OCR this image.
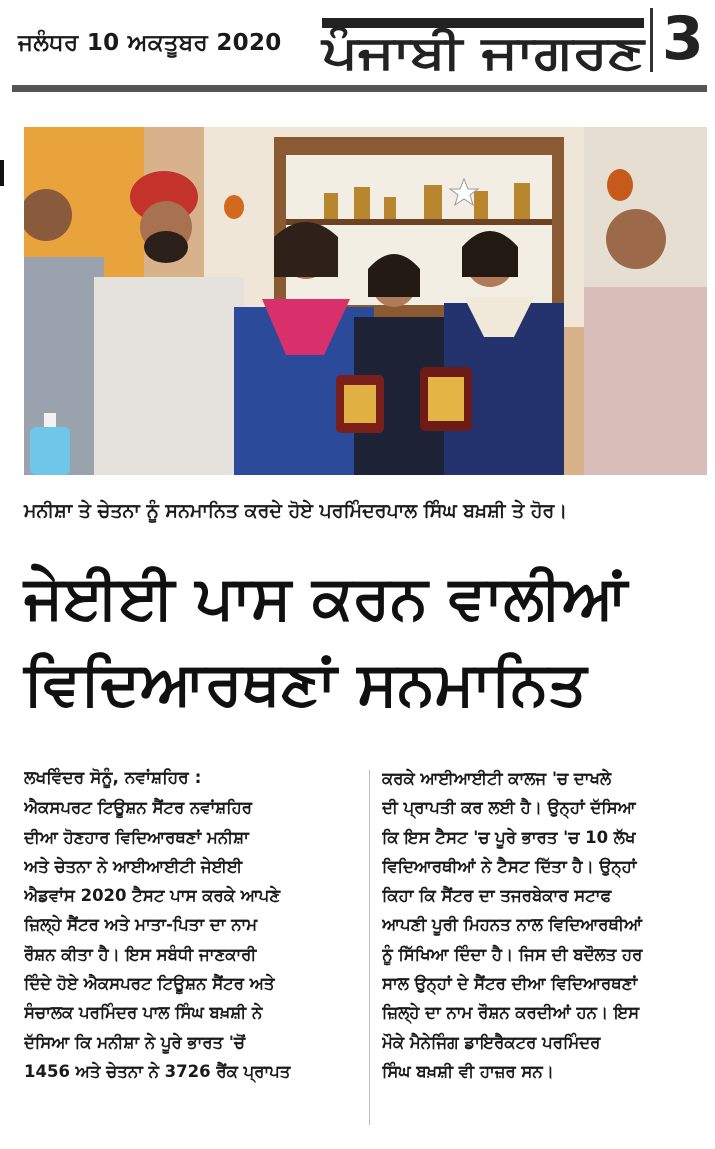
ਜਲੰਧਰ 10 ਅਕਤੂਬਰ 2020 ਪੰਜਾਬੀ ਜਾਗਰਣ 3
ਮਨੀਸ਼ਾ ਤੇ ਚੇਤਨਾ ਨੂੰ ਸਨਮਾਨਿਤ ਕਰਦੇ ਹੋਏ ਪਰਮਿੰਦਰਪਾਲ ਸਿੰਘ ਬਖ਼ਸ਼ੀ ਤੇ ਹੋਰ।
ਜੇਈਈ ਪਾਸ ਕਰਨ ਵਾਲੀਆਂ
ਵਿਦਿਆਰਥਣਾਂ ਸਨਮਾਨਿਤ
ਲਖਵਿੰਦਰ ਸੋਨੂੰ, ਨਵਾਂਸ਼ਹਿਰ :
ਐਕਸਪਰਟ ਟਿਊਸ਼ਨ ਸੈਂਟਰ ਨਵਾਂਸ਼ਹਿਰ
ਦੀਆ ਹੋਣਹਾਰ ਵਿਦਿਆਰਥਣਾਂ ਮਨੀਸ਼ਾ
ਅਤੇ ਚੇਤਨਾ ਨੇ ਆਈਆਈਟੀ ਜੇਈਈ
ਐਡਵਾਂਸ 2020 ਟੈਸਟ ਪਾਸ ਕਰਕੇ ਆਪਣੇ
ਜ਼ਿਲ੍ਹੇ ਸੈਂਟਰ ਅਤੇ ਮਾਤਾ-ਪਿਤਾ ਦਾ ਨਾਮ
ਰੌਸ਼ਨ ਕੀਤਾ ਹੈ। ਇਸ ਸਬੰਧੀ ਜਾਣਕਾਰੀ
ਦਿੰਦੇ ਹੋਏ ਐਕਸਪਰਟ ਟਿਊਸ਼ਨ ਸੈਂਟਰ ਅਤੇ
ਸੰਚਾਲਕ ਪਰਮਿੰਦਰ ਪਾਲ ਸਿੰਘ ਬਖ਼ਸ਼ੀ ਨੇ
ਦੱਸਿਆ ਕਿ ਮਨੀਸ਼ਾ ਨੇ ਪੂਰੇ ਭਾਰਤ 'ਚੋਂ
1456 ਅਤੇ ਚੇਤਨਾ ਨੇ 3726 ਰੈਂਕ ਪ੍ਰਾਪਤ
ਕਰਕੇ ਆਈਆਈਟੀ ਕਾਲਜ 'ਚ ਦਾਖਲੇ
ਦੀ ਪ੍ਰਾਪਤੀ ਕਰ ਲਈ ਹੈ। ਉਨ੍ਹਾਂ ਦੱਸਿਆ
ਕਿ ਇਸ ਟੈਸਟ 'ਚ ਪੂਰੇ ਭਾਰਤ 'ਚ 10 ਲੱਖ
ਵਿਦਿਆਰਥੀਆਂ ਨੇ ਟੈਸਟ ਦਿੱਤਾ ਹੈ। ਉਨ੍ਹਾਂ
ਕਿਹਾ ਕਿ ਸੈਂਟਰ ਦਾ ਤਜਰਬੇਕਾਰ ਸਟਾਫ
ਆਪਣੀ ਪੂਰੀ ਮਿਹਨਤ ਨਾਲ ਵਿਦਿਆਰਥੀਆਂ
ਨੂੰ ਸਿੱਖਿਆ ਦਿੰਦਾ ਹੈ। ਜਿਸ ਦੀ ਬਦੌਲਤ ਹਰ
ਸਾਲ ਉਨ੍ਹਾਂ ਦੇ ਸੈਂਟਰ ਦੀਆ ਵਿਦਿਆਰਥਣਾਂ
ਜ਼ਿਲ੍ਹੇ ਦਾ ਨਾਮ ਰੌਸ਼ਨ ਕਰਦੀਆਂ ਹਨ। ਇਸ
ਮੌਕੇ ਮੈਨੇਜਿੰਗ ਡਾਇਰੈਕਟਰ ਪਰਮਿੰਦਰ
ਸਿੰਘ ਬਖ਼ਸ਼ੀ ਵੀ ਹਾਜ਼ਰ ਸਨ।
